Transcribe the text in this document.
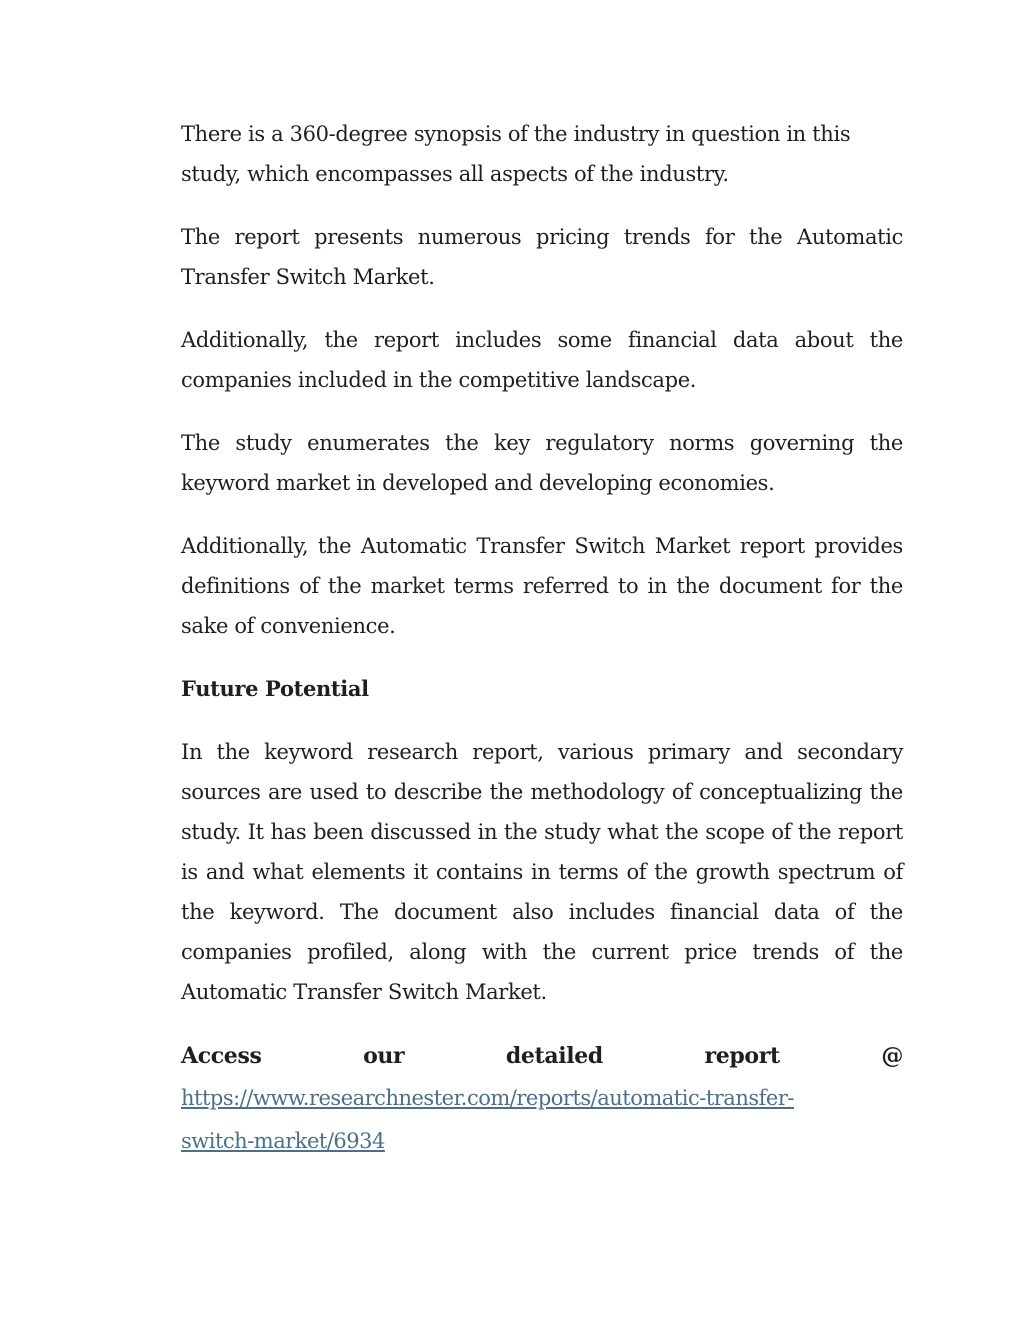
There is a 360-degree synopsis of the industry in question in this study, which encompasses all aspects of the industry.

The report presents numerous pricing trends for the Automatic Transfer Switch Market.

Additionally, the report includes some financial data about the companies included in the competitive landscape.

The study enumerates the key regulatory norms governing the keyword market in developed and developing economies.

Additionally, the Automatic Transfer Switch Market report provides definitions of the market terms referred to in the document for the sake of convenience.

Future Potential

In the keyword research report, various primary and secondary sources are used to describe the methodology of conceptualizing the study. It has been discussed in the study what the scope of the report is and what elements it contains in terms of the growth spectrum of the keyword. The document also includes financial data of the companies profiled, along with the current price trends of the Automatic Transfer Switch Market.

Access	our	detailed	report	@
https://www.researchnester.com/reports/automatic-transfer-
switch-market/6934
